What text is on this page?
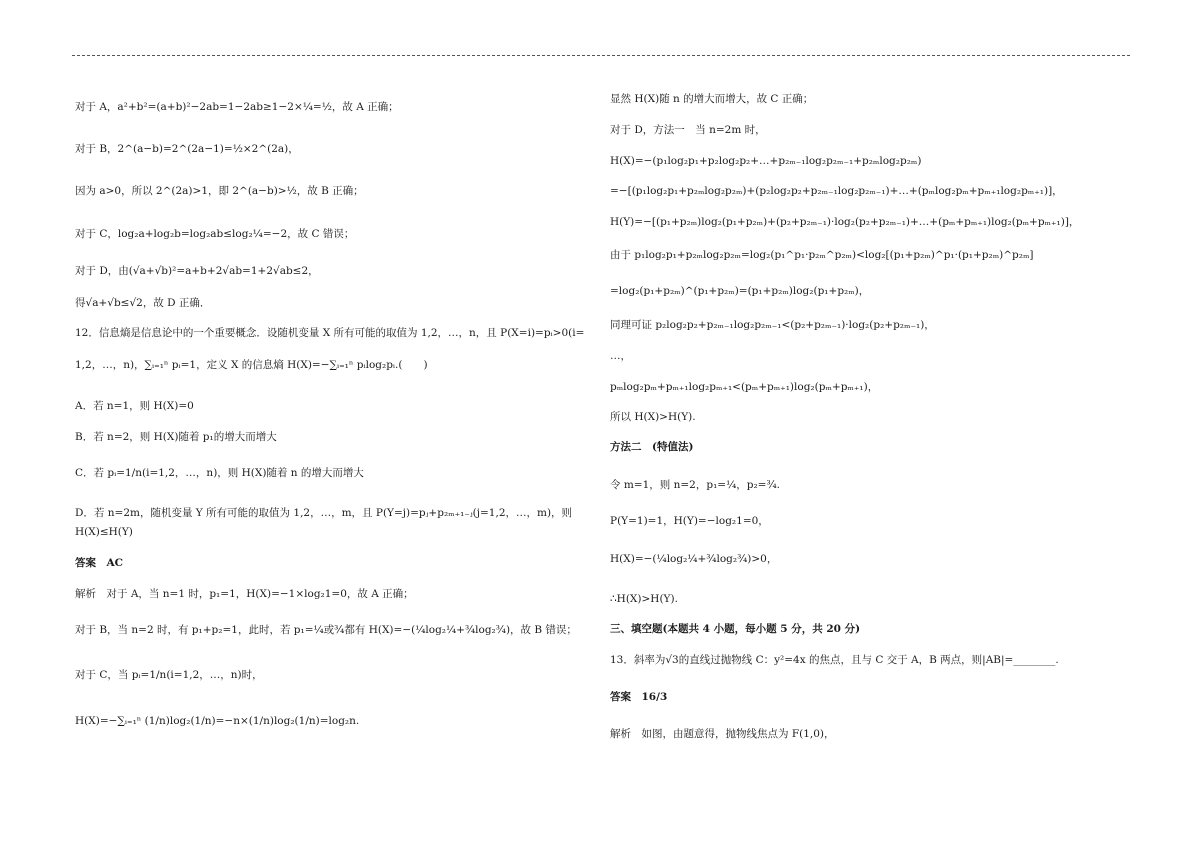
对于 A，a²+b²=(a+b)²−2ab=1−2ab≥1−2×¼=½，故 A 正确；
对于 B，2^(a−b)=2^(2a−1)=½×2^(2a)，
因为 a>0，所以 2^(2a)>1，即 2^(a−b)>½，故 B 正确；
对于 C，log₂a+log₂b=log₂ab≤log₂¼=−2，故 C 错误；
对于 D，由(√a+√b)²=a+b+2√ab=1+2√ab≤2，
得√a+√b≤√2，故 D 正确．
12．信息熵是信息论中的一个重要概念．设随机变量 X 所有可能的取值为 1,2，…，n，且 P(X=i)=pᵢ>0(i=
1,2，…，n)，∑ᵢ₌₁ⁿ pᵢ=1，定义 X 的信息熵 H(X)=−∑ᵢ₌₁ⁿ pᵢlog₂pᵢ.(　　)
A．若 n=1，则 H(X)=0
B．若 n=2，则 H(X)随着 p₁的增大而增大
C．若 pᵢ=1/n(i=1,2，…，n)，则 H(X)随着 n 的增大而增大
D．若 n=2m，随机变量 Y 所有可能的取值为 1,2，…，m，且 P(Y=j)=pⱼ+p₂ₘ₊₁₋ⱼ(j=1,2，…，m)，则
H(X)≤H(Y)
答案　AC
解析　对于 A，当 n=1 时，p₁=1，H(X)=−1×log₂1=0，故 A 正确；
对于 B，当 n=2 时，有 p₁+p₂=1，此时，若 p₁=¼或¾都有 H(X)=−(¼log₂¼+¾log₂¾)，故 B 错误；
对于 C，当 pᵢ=1/n(i=1,2，…，n)时，
H(X)=−∑ᵢ₌₁ⁿ (1/n)log₂(1/n)=−n×(1/n)log₂(1/n)=log₂n.
显然 H(X)随 n 的增大而增大，故 C 正确；
对于 D，方法一　当 n=2m 时，
H(X)=−(p₁log₂p₁+p₂log₂p₂+…+p₂ₘ₋₁log₂p₂ₘ₋₁+p₂ₘlog₂p₂ₘ)
=−[(p₁log₂p₁+p₂ₘlog₂p₂ₘ)+(p₂log₂p₂+p₂ₘ₋₁log₂p₂ₘ₋₁)+…+(pₘlog₂pₘ+pₘ₊₁log₂pₘ₊₁)]，
H(Y)=−[(p₁+p₂ₘ)log₂(p₁+p₂ₘ)+(p₂+p₂ₘ₋₁)·log₂(p₂+p₂ₘ₋₁)+…+(pₘ+pₘ₊₁)log₂(pₘ+pₘ₊₁)]，
由于 p₁log₂p₁+p₂ₘlog₂p₂ₘ=log₂(p₁^p₁·p₂ₘ^p₂ₘ)<log₂[(p₁+p₂ₘ)^p₁·(p₁+p₂ₘ)^p₂ₘ]
=log₂(p₁+p₂ₘ)^(p₁+p₂ₘ)=(p₁+p₂ₘ)log₂(p₁+p₂ₘ)，
同理可证 p₂log₂p₂+p₂ₘ₋₁log₂p₂ₘ₋₁<(p₂+p₂ₘ₋₁)·log₂(p₂+p₂ₘ₋₁)，
…，
pₘlog₂pₘ+pₘ₊₁log₂pₘ₊₁<(pₘ+pₘ₊₁)log₂(pₘ+pₘ₊₁)，
所以 H(X)>H(Y).
方法二　(特值法)
令 m=1，则 n=2，p₁=¼，p₂=¾.
P(Y=1)=1，H(Y)=−log₂1=0，
H(X)=−(¼log₂¼+¾log₂¾)>0，
∴H(X)>H(Y).
三、填空题(本题共 4 小题，每小题 5 分，共 20 分)
13．斜率为√3的直线过抛物线 C：y²=4x 的焦点，且与 C 交于 A，B 两点，则|AB|=________.
答案　16/3
解析　如图，由题意得，抛物线焦点为 F(1,0)，
